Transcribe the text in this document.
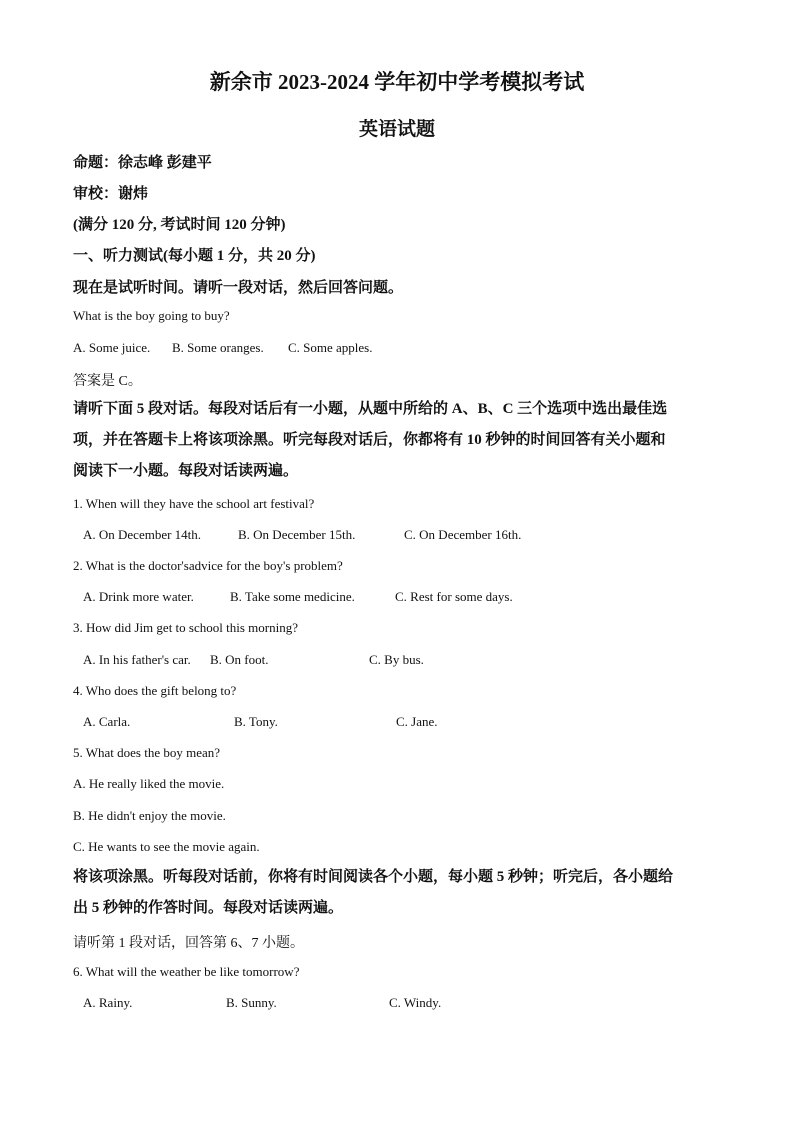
新余市 2023-2024 学年初中学考模拟考试
英语试题
命题：徐志峰 彭建平
审校：谢炜
(满分 120 分, 考试时间 120 分钟)
一、听力测试(每小题 1 分，共 20 分)
现在是试听时间。请听一段对话，然后回答问题。
What is the boy going to buy?
A. Some juice. B. Some oranges. C. Some apples.
答案是 C。
请听下面 5 段对话。每段对话后有一小题，从题中所给的 A、B、C 三个选项中选出最佳选
项，并在答题卡上将该项涂黑。听完每段对话后，你都将有 10 秒钟的时间回答有关小题和
阅读下一小题。每段对话读两遍。
1. When will they have the school art festival?
A. On December 14th.	B. On December 15th.	C. On December 16th.
2. What is the doctor'sadvice for the boy's problem?
A. Drink more water.	B. Take some medicine.	C. Rest for some days.
3. How did Jim get to school this morning?
A. In his father's car. B. On foot.	C. By bus.
4. Who does the gift belong to?
A. Carla.	B. Tony.	C. Jane.
5. What does the boy mean?
A. He really liked the movie.
B. He didn't enjoy the movie.
C. He wants to see the movie again.
将该项涂黑。听每段对话前，你将有时间阅读各个小题，每小题 5 秒钟；听完后，各小题给
出 5 秒钟的作答时间。每段对话读两遍。
请听第 1 段对话，回答第 6、7 小题。
6. What will the weather be like tomorrow?
A. Rainy.	B. Sunny.	C. Windy.
